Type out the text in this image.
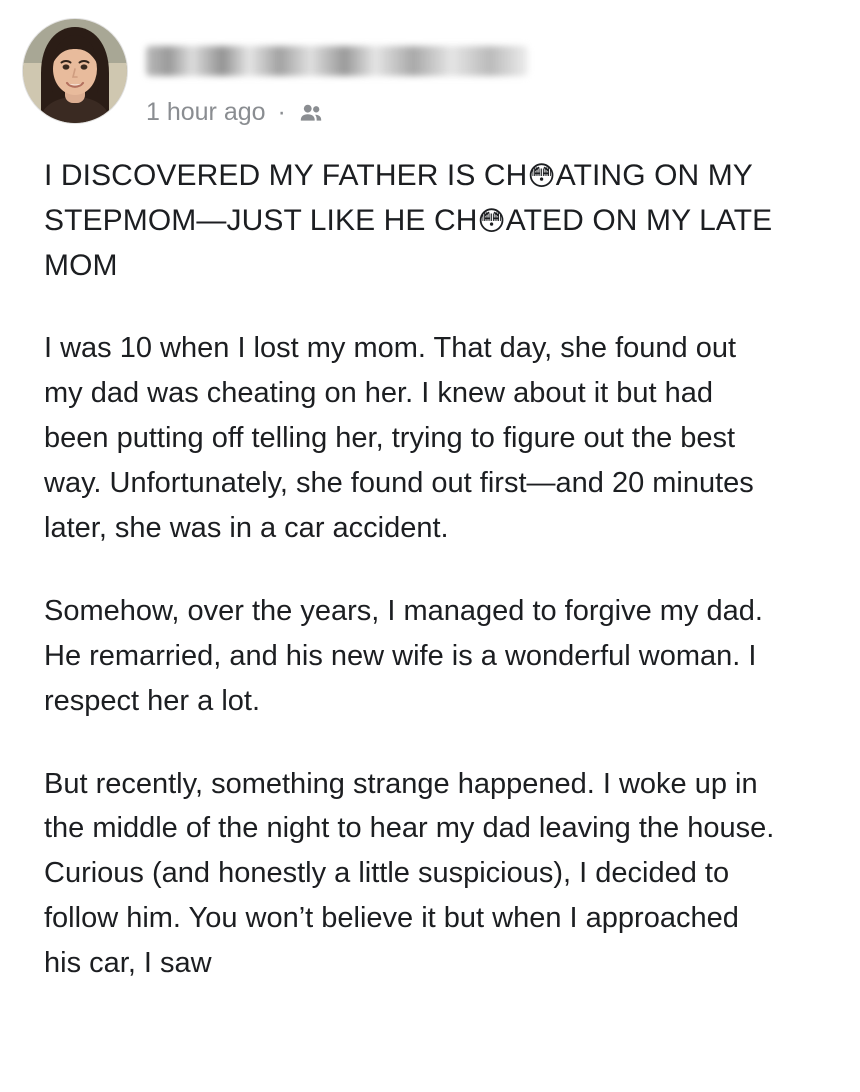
1 hour ago ·
I DISCOVERED MY FATHER IS CH😳ATING ON MY STEPMOM—JUST LIKE HE CH😳ATED ON MY LATE MOM

I was 10 when I lost my mom. That day, she found out my dad was cheating on her. I knew about it but had been putting off telling her, trying to figure out the best way. Unfortunately, she found out first—and 20 minutes later, she was in a car accident.

Somehow, over the years, I managed to forgive my dad. He remarried, and his new wife is a wonderful woman. I respect her a lot.

But recently, something strange happened. I woke up in the middle of the night to hear my dad leaving the house. Curious (and honestly a little suspicious), I decided to follow him. You won’t believe it but when I approached his car, I saw
